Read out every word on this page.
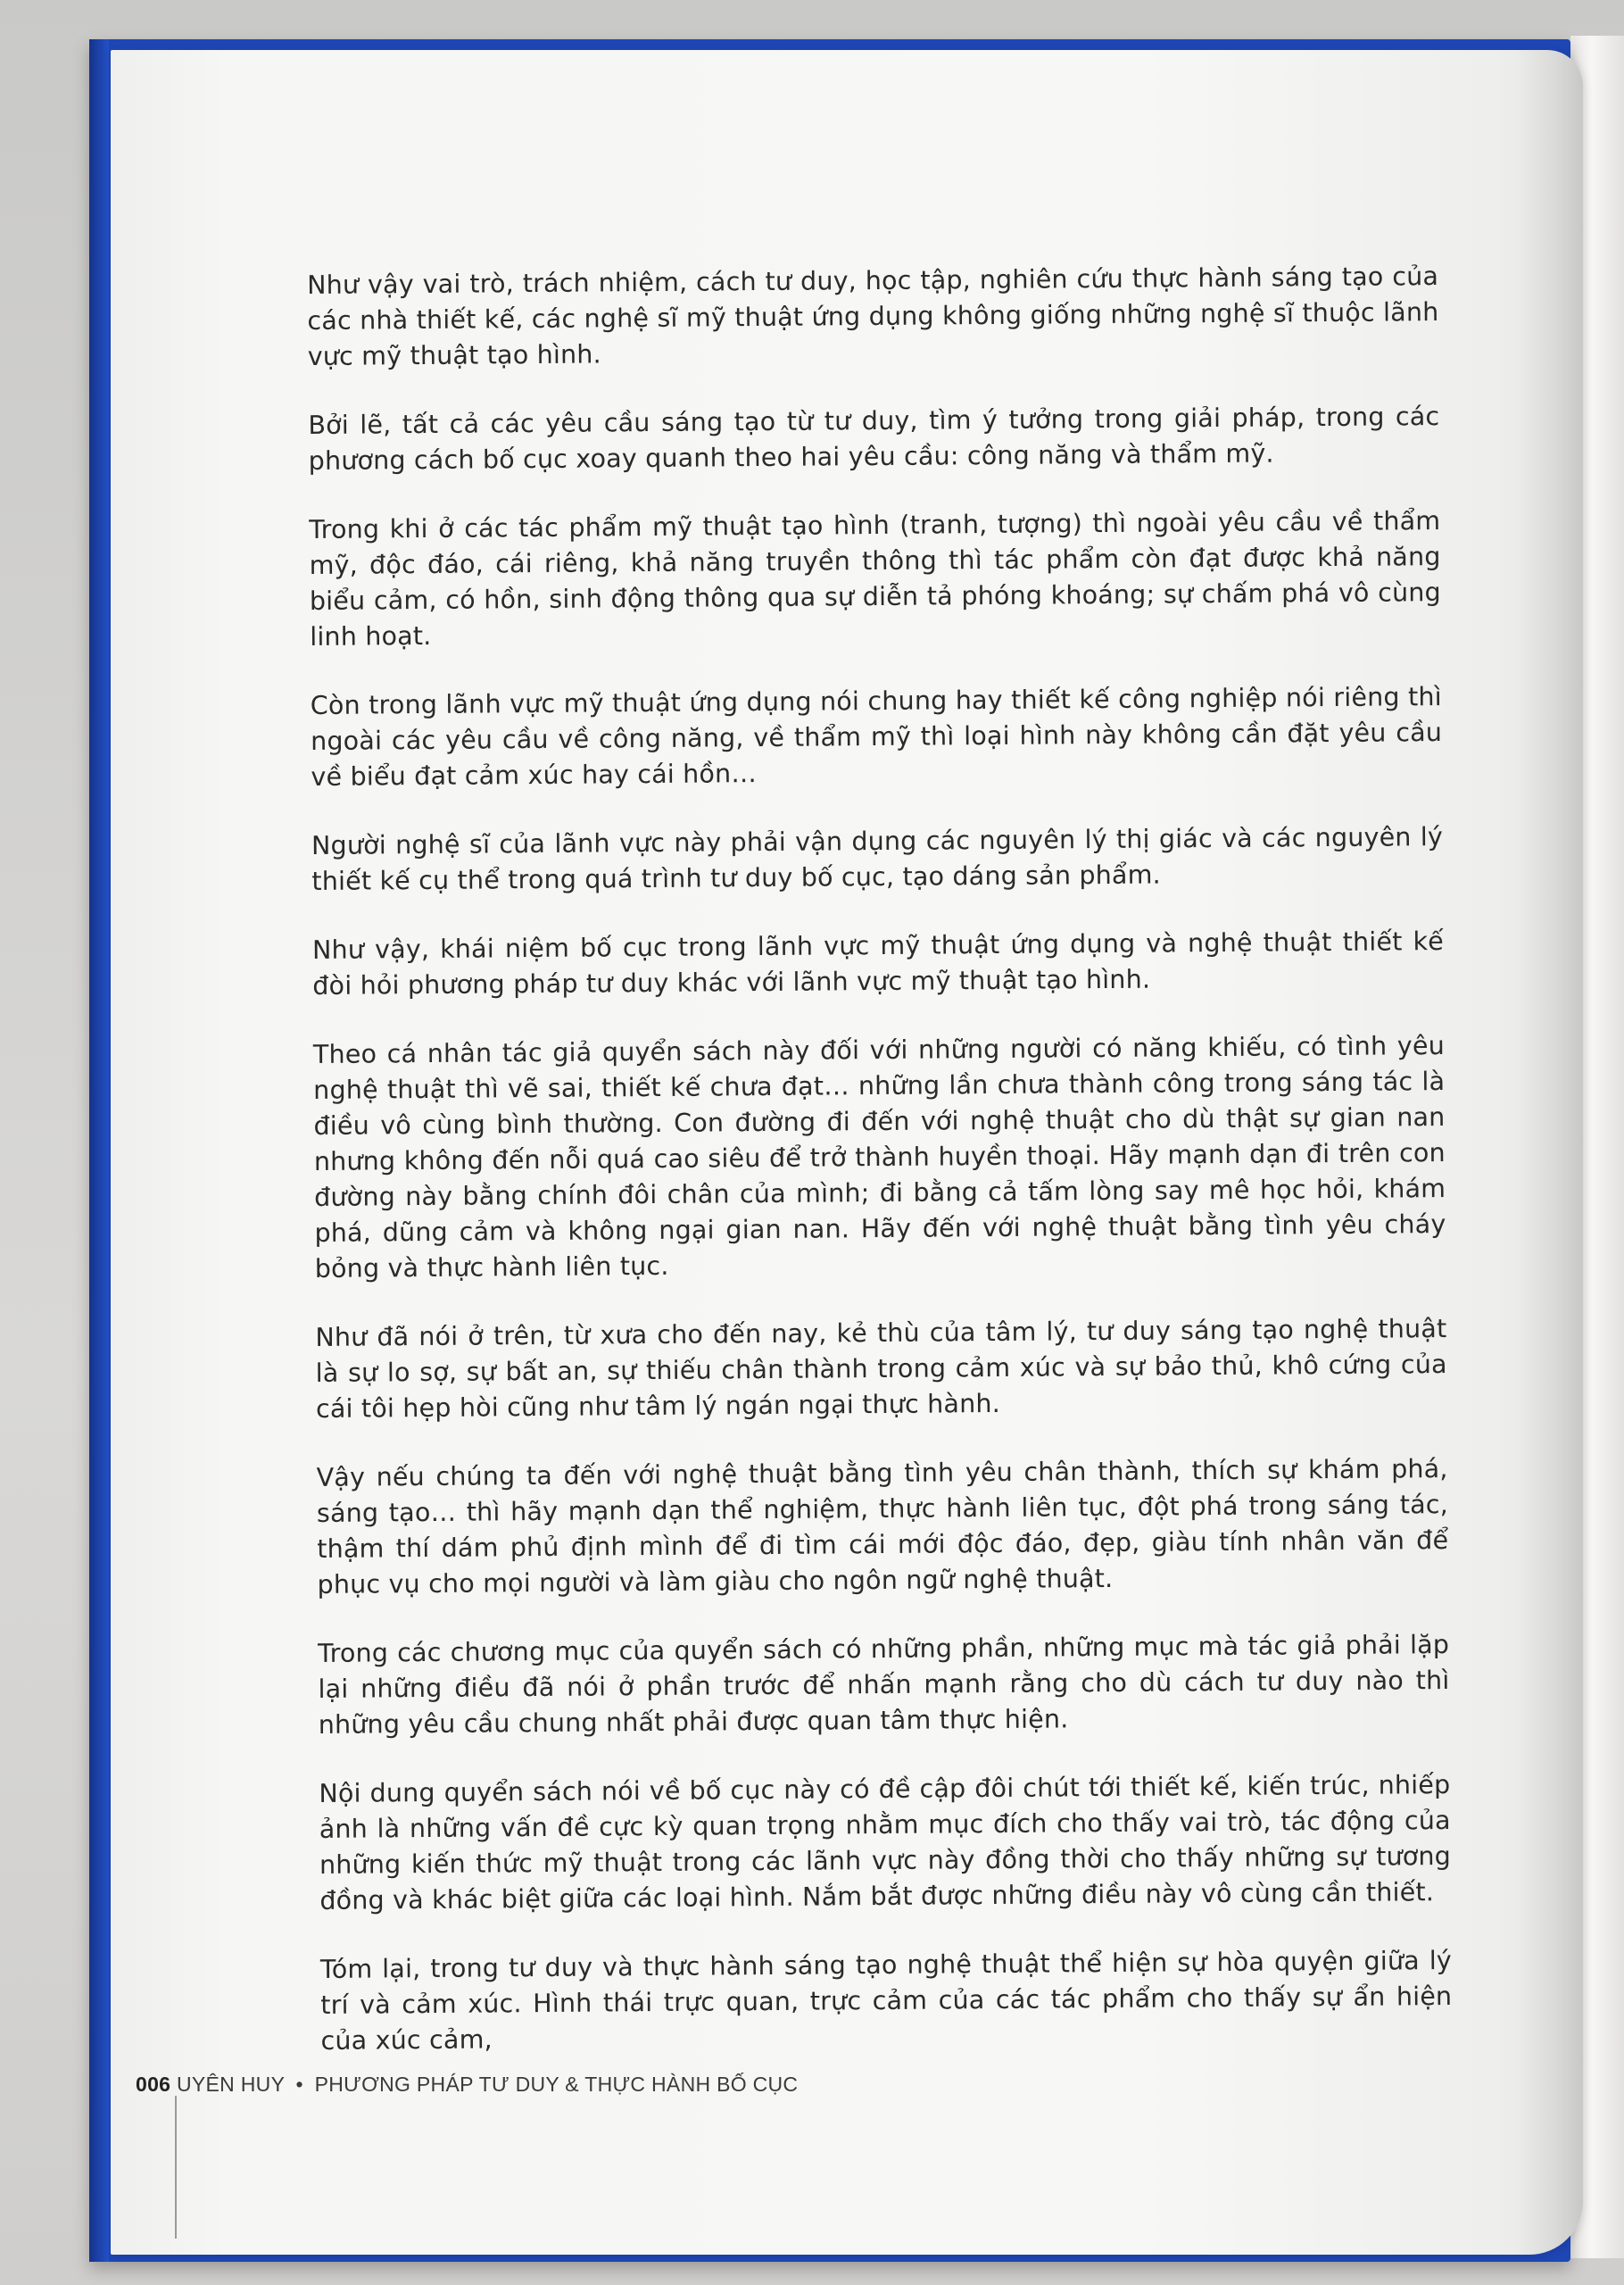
Như vậy vai trò, trách nhiệm, cách tư duy, học tập, nghiên cứu thực hành sáng tạo của các nhà thiết kế, các nghệ sĩ mỹ thuật ứng dụng không giống những nghệ sĩ thuộc lãnh vực mỹ thuật tạo hình.

Bởi lẽ, tất cả các yêu cầu sáng tạo từ tư duy, tìm ý tưởng trong giải pháp, trong các phương cách bố cục xoay quanh theo hai yêu cầu: công năng và thẩm mỹ.

Trong khi ở các tác phẩm mỹ thuật tạo hình (tranh, tượng) thì ngoài yêu cầu về thẩm mỹ, độc đáo, cái riêng, khả năng truyền thông thì tác phẩm còn đạt được khả năng biểu cảm, có hồn, sinh động thông qua sự diễn tả phóng khoáng; sự chấm phá vô cùng linh hoạt.

Còn trong lãnh vực mỹ thuật ứng dụng nói chung hay thiết kế công nghiệp nói riêng thì ngoài các yêu cầu về công năng, về thẩm mỹ thì loại hình này không cần đặt yêu cầu về biểu đạt cảm xúc hay cái hồn…

Người nghệ sĩ của lãnh vực này phải vận dụng các nguyên lý thị giác và các nguyên lý thiết kế cụ thể trong quá trình tư duy bố cục, tạo dáng sản phẩm.

Như vậy, khái niệm bố cục trong lãnh vực mỹ thuật ứng dụng và nghệ thuật thiết kế đòi hỏi phương pháp tư duy khác với lãnh vực mỹ thuật tạo hình.

Theo cá nhân tác giả quyển sách này đối với những người có năng khiếu, có tình yêu nghệ thuật thì vẽ sai, thiết kế chưa đạt… những lần chưa thành công trong sáng tác là điều vô cùng bình thường. Con đường đi đến với nghệ thuật cho dù thật sự gian nan nhưng không đến nỗi quá cao siêu để trở thành huyền thoại. Hãy mạnh dạn đi trên con đường này bằng chính đôi chân của mình; đi bằng cả tấm lòng say mê học hỏi, khám phá, dũng cảm và không ngại gian nan. Hãy đến với nghệ thuật bằng tình yêu cháy bỏng và thực hành liên tục.

Như đã nói ở trên, từ xưa cho đến nay, kẻ thù của tâm lý, tư duy sáng tạo nghệ thuật là sự lo sợ, sự bất an, sự thiếu chân thành trong cảm xúc và sự bảo thủ, khô cứng của cái tôi hẹp hòi cũng như tâm lý ngán ngại thực hành.

Vậy nếu chúng ta đến với nghệ thuật bằng tình yêu chân thành, thích sự khám phá, sáng tạo… thì hãy mạnh dạn thể nghiệm, thực hành liên tục, đột phá trong sáng tác, thậm thí dám phủ định mình để đi tìm cái mới độc đáo, đẹp, giàu tính nhân văn để phục vụ cho mọi người và làm giàu cho ngôn ngữ nghệ thuật.

Trong các chương mục của quyển sách có những phần, những mục mà tác giả phải lặp lại những điều đã nói ở phần trước để nhấn mạnh rằng cho dù cách tư duy nào thì những yêu cầu chung nhất phải được quan tâm thực hiện.

Nội dung quyển sách nói về bố cục này có đề cập đôi chút tới thiết kế, kiến trúc, nhiếp ảnh là những vấn đề cực kỳ quan trọng nhằm mục đích cho thấy vai trò, tác động của những kiến thức mỹ thuật trong các lãnh vực này đồng thời cho thấy những sự tương đồng và khác biệt giữa các loại hình. Nắm bắt được những điều này vô cùng cần thiết.

Tóm lại, trong tư duy và thực hành sáng tạo nghệ thuật thể hiện sự hòa quyện giữa lý trí và cảm xúc. Hình thái trực quan, trực cảm của các tác phẩm cho thấy sự ẩn hiện của xúc cảm,

006 UYÊN HUY • PHƯƠNG PHÁP TƯ DUY & THỰC HÀNH BỐ CỤC
